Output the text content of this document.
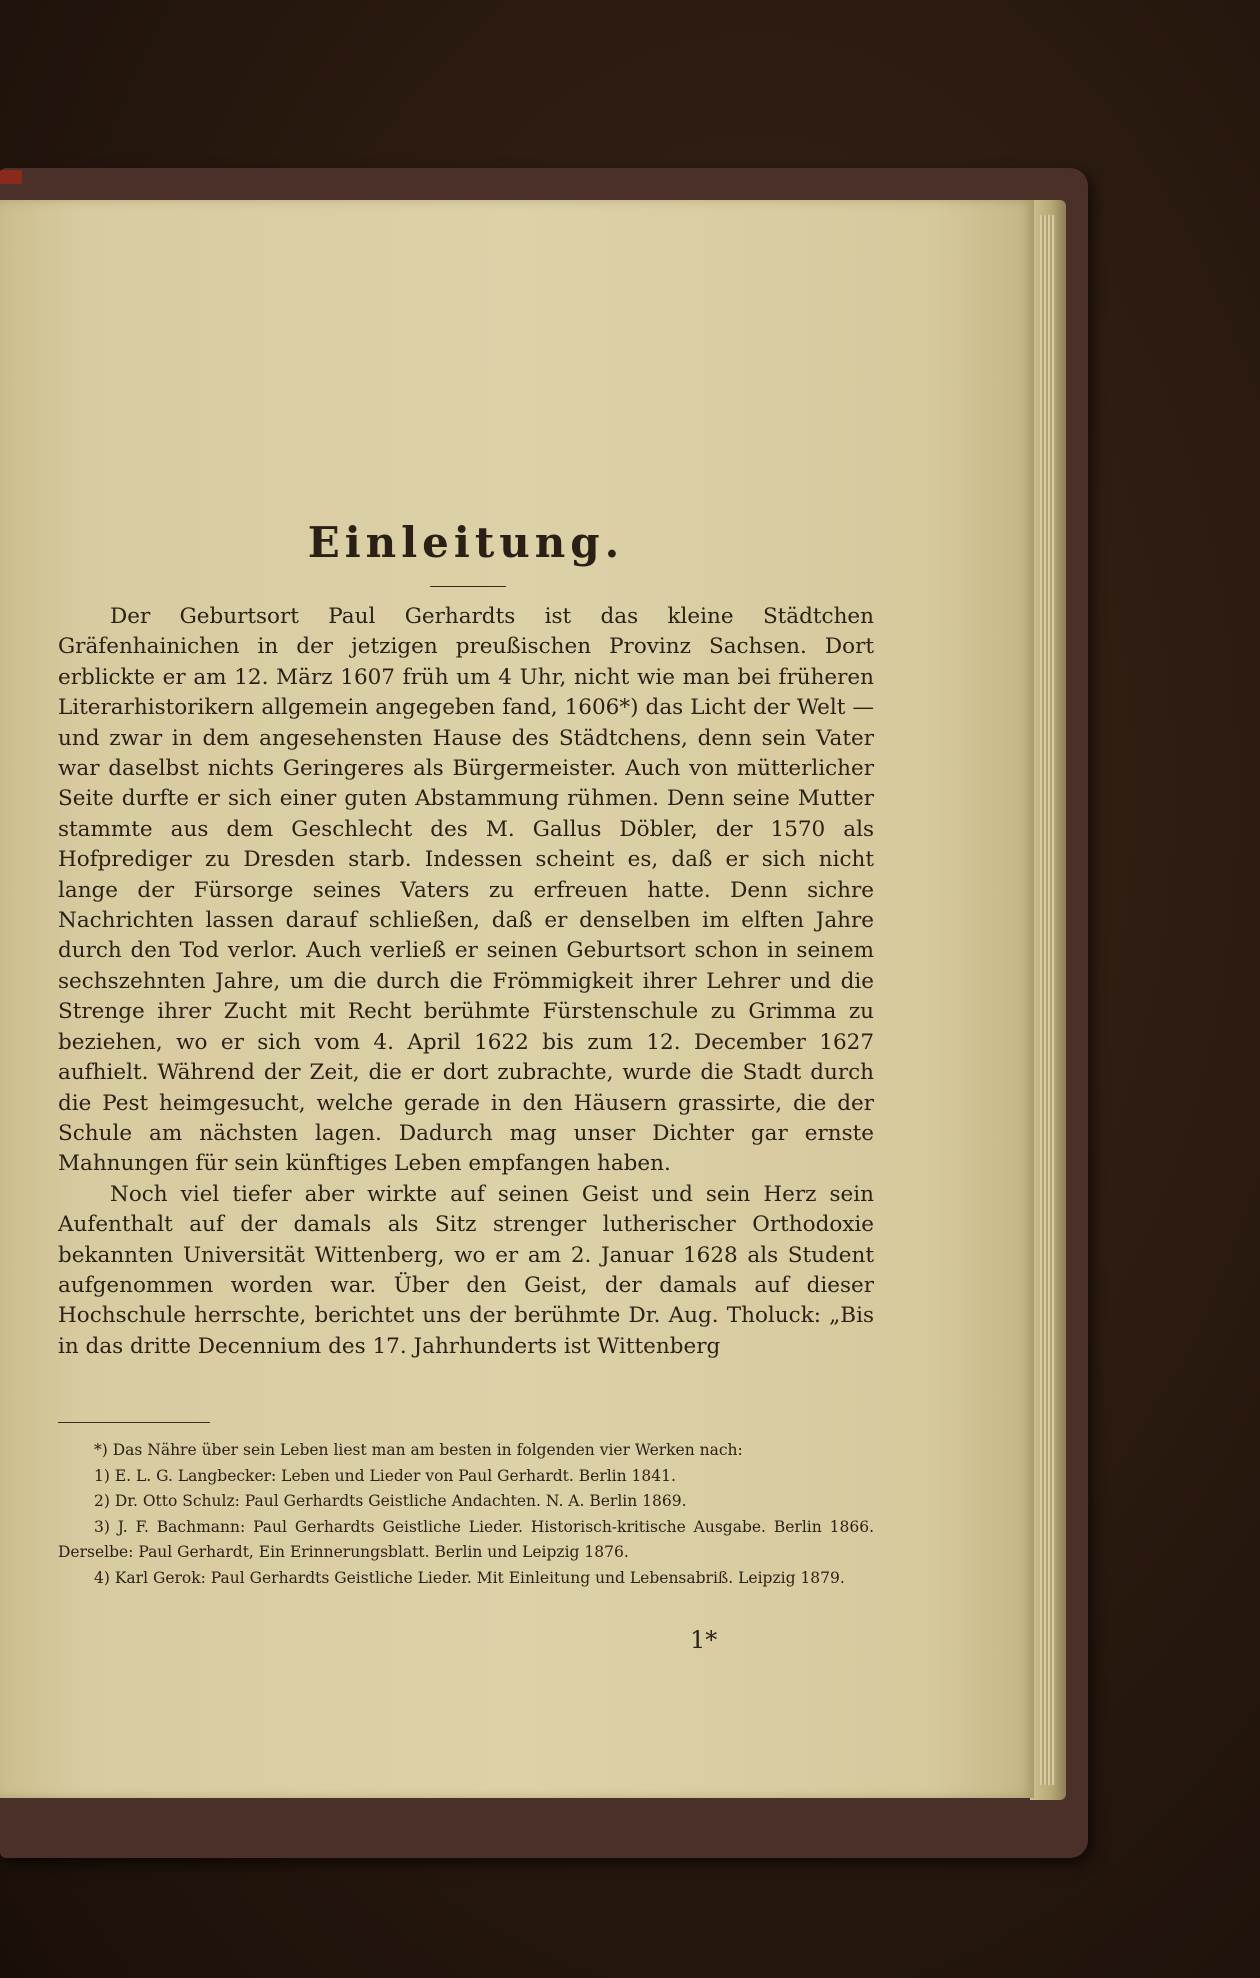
Einleitung.

Der Geburtsort Paul Gerhardts ist das kleine Städtchen Gräfenhainichen in der jetzigen preußischen Provinz Sachsen. Dort erblickte er am 12. März 1607 früh um 4 Uhr, nicht wie man bei früheren Literarhistorikern allgemein angegeben fand, 1606*) das Licht der Welt — und zwar in dem angesehensten Hause des Städtchens, denn sein Vater war daselbst nichts Geringeres als Bürgermeister. Auch von mütterlicher Seite durfte er sich einer guten Abstammung rühmen. Denn seine Mutter stammte aus dem Geschlecht des M. Gallus Döbler, der 1570 als Hofprediger zu Dresden starb. Indessen scheint es, daß er sich nicht lange der Fürsorge seines Vaters zu erfreuen hatte. Denn sichre Nachrichten lassen darauf schließen, daß er denselben im elften Jahre durch den Tod verlor. Auch verließ er seinen Geburtsort schon in seinem sechszehnten Jahre, um die durch die Frömmigkeit ihrer Lehrer und die Strenge ihrer Zucht mit Recht berühmte Fürstenschule zu Grimma zu beziehen, wo er sich vom 4. April 1622 bis zum 12. December 1627 aufhielt. Während der Zeit, die er dort zubrachte, wurde die Stadt durch die Pest heimgesucht, welche gerade in den Häusern grassirte, die der Schule am nächsten lagen. Dadurch mag unser Dichter gar ernste Mahnungen für sein künftiges Leben empfangen haben.

Noch viel tiefer aber wirkte auf seinen Geist und sein Herz sein Aufenthalt auf der damals als Sitz strenger lutherischer Orthodoxie bekannten Universität Wittenberg, wo er am 2. Januar 1628 als Student aufgenommen worden war. Über den Geist, der damals auf dieser Hochschule herrschte, berichtet uns der berühmte Dr. Aug. Tholuck: „Bis in das dritte Decennium des 17. Jahrhunderts ist Wittenberg

*) Das Nähre über sein Leben liest man am besten in folgenden vier Werken nach:

1) E. L. G. Langbecker: Leben und Lieder von Paul Gerhardt. Berlin 1841.

2) Dr. Otto Schulz: Paul Gerhardts Geistliche Andachten. N. A. Berlin 1869.

3) J. F. Bachmann: Paul Gerhardts Geistliche Lieder. Historisch-kritische Ausgabe. Berlin 1866. Derselbe: Paul Gerhardt, Ein Erinnerungsblatt. Berlin und Leipzig 1876.

4) Karl Gerok: Paul Gerhardts Geistliche Lieder. Mit Einleitung und Lebensabriß. Leipzig 1879.

1*
